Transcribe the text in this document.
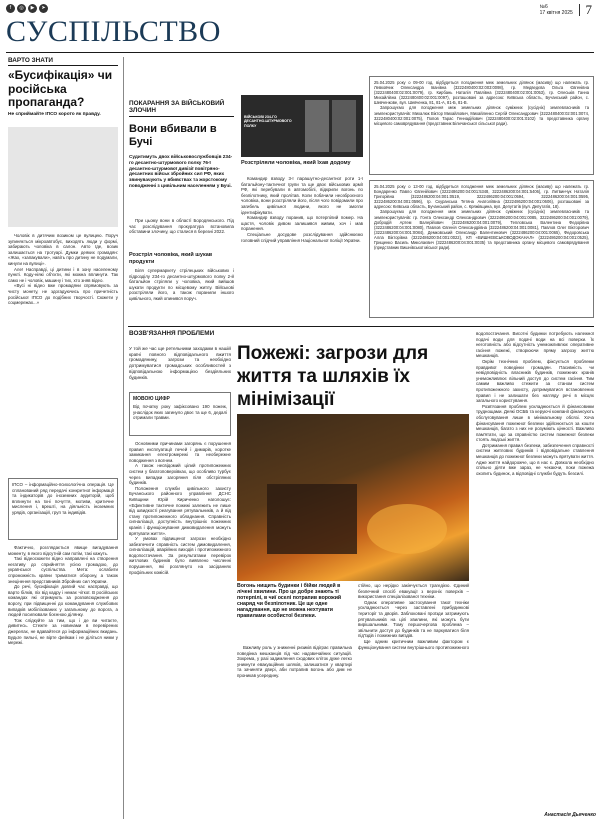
f	◎	▶	➤	№6
17 квітня 2025 7
СУСПІЛЬСТВО
ВАРТО ЗНАТИ
«Бусифікація» чи російська пропаганда?
Не сприймайте ІПСО корото як правду.

Чоловік в дитячим возиком це вулицею. Поруч зупиняється мікроавтобус, виходять люди у формі, забирають чоловіка в салон. Авто їде, возик залишається на тротуарі. Думки деяких громадян: «Жах, «запакували», навіть про дитину не подумали, кинули на вулиці».

Але! Насправді, ці дитини і в зону населеному пункті. Коду-ніякі об'єкти, які можна вплинути. Так само не і чоловік, машину і тих, хто зняв відео.

«Вусі ні відео вже промадяни спрямовують за чисту монету, не здогадуючись про причетність російської ІПСО до подібних творчості. Сюжети у соцмережах...»

ІПСО – інформаційно-психологічна операція. Це спланований ряд передачі конкретної інформації та індикаторів до іноземних аудиторій, щоб вплинути на їхні почуття, мотиви, критичне мислення і, врешті, на діяльність іноземних урядів, організацій, груп та індивідів.

Фактично, розглядається явище вигадування моменту, в якого відсутній сам потім, такі кажуть.

Такі відеосюжети відео направлені на створення негативу до сприйняття усією громадою, до української суспільства. Мета: ослабити спроможність країни триматися оборону, а також знецінення представників Збройних сил України.

До речі, бусифікація довгий час насправді, що варто білків, піх від кадру і немає чіткої. В російських командах які отримують за розповсюдження до ворогу, при підвищенні до командування службових випадків мобілізованих у загальному до ворога, а людей посилювали боєнною ділянку.

Тож слідкуйте за тим, що і де ви читаєте, дивитесь. Стежте за новинами в перевірених джерелах, не вдавайтеся до інформаційних вкидань. Будьте пильні, не вірте фейкам і не діліться ними у мережі.

ПОКАРАННЯ ЗА ВІЙСЬКОВИЙ ЗЛОЧИН
Вони вбивали в Бучі
Судитимуть двох військовослужбовців 234-го десантно-штурмового полку 76-ї десантно-штурмової дивізії повітряно-десантних військ збройних сил РФ, яких звинувачують у вбивствах та жорстокому поводженні з цивільним населенням у Бучі.
При цьому вони в області Бородянського. Під час розслідування прокуратура встановила обставини злочину, що сталися в березні 2022.
Розстріл чоловіка, який шукав продукти
Біля супермаркету стрілецьких військових і підрозділу 234-го десантно-штурмового полку 2-й батальйон стріляли у чоловіка, який вийшов шукати продукти по місцевому житлу. Військові розстріляли його, а також поранили іншого цивільного, який опинився поруч.
ВІЙСЬКОВІ 234-ГО ДЕСАНТНО-ШТУРМОВОГО ПОЛКУ
Розстріляли чоловіка, який їхав додому

Командир взводу 3-ї парашутно-десантної роти 1-ї батальйону-тактичної групи та ще двоє військових армії РФ, які перебували в автомобілі, відкрили вогонь по безпілотнику, який пролітав. Коли побачили неозброєного чоловіка, вони розстріляли його, після чого повідомили про загибель цивільної людини, якого не змогли ідентифікувати.

Командир взводу поранив, що потерпілий помер. На щастя, чоловік дивом залишився живим, хоч і мав поранення.

Спеціальне досудове розслідування здійснюємо головний слідчий управління Національної поліції України.

25.04.2025 року о 09-00 год. відбудеться погодження меж земельних ділянок (масиву) що належать гр. Левковчик Олександра Іванівна (3222480400:02:003:0098), гр. Медведєва Ольга Євгенівна (3222480400:02:001:0079), гр. Кирбань Наталія Павлівна (3222480400:02:001:0053), гр. Олеськів Ганна Михайлівна (3222480400:02:001:0097), розташовані за адресою: Київська область, Бучанський район, с. Шевченкове, вул. Шевченка, 81, 81-А, 81-Б, 81-В.

Запрошуємо для погодження меж земельних ділянок суміжних (сусідніх) землевласників та землекористувачів: Михалюк Віктор Михайлович, Михайленко Сергій Олександрович (3222480400:02:001:0074, 3222480400:02:001:0075), Попов Тарас Геннадійович (3222480400:02:001:0102) та представника органу місцевого самоврядування (представник Біличанської сільської ради).

25.04.2025 року о 13-00 год. відбудеться погодження меж земельних ділянок (масиву) що належать гр. Бондаренко Павло Євгенійович (3222486200:04:001:5348, 3222486200:04:001:5406), гр. Литвинчук Наталія Григорівна (3222486200:04:001:0519, 3222486200:04:001:0594, 3222486200:04:001:0595, 3222486200:04:001:0596), гр. Скуранська Тетяна Анатоліївна (3222486200:04:001:0606), розташовані за адресою: Київська область, Бучанський район, с. Кряжівщина, вул. Депутатів (вул. Депутатів, 18).

Запрошуємо для погодження меж земельних ділянок суміжних (сусідніх) землевласників та землекористувачів: гр. Гонта Олександр Олександрович (3222486200:04:001:0085, 3222486200:04:001:0079), Добродій Артем Валерійович (3222486200:04:001:0079), Тепловська Валентина Федорівна (3222486200:04:001:0080), Павлов Євгенія Олександрівна (3222486200:04:001:0081), Павлов Олег Вікторович (3222486200:04:001:0084), Демковський Олександр Валентинович (3222486200:04:001:0065), Федоровська Алла Вікторівна (3222486200:04:001:0022), КП «ВИШНЕВСЬКОВОДОКАНАЛ» (3222486200:04:001:0525), Грищенко Василь Миколаєвич (3222486200:04:001:0035) та представника органу місцевого самоврядування (представник Вишнівської міської ради).

ВОЗВ'ЯЗАННЯ ПРОБЛЕМИ
У той же час ще ретельними заходами в нашій країні повного відповідального вжиття громадянину, загрози та необхідно дотримуватися громадських особливостей з відповідальною інформацією бездіяльних будинків.
МОВОЮ ЦИФР
Від початку року зафіксовано 190 пожеж, унаслідок яких загинуло двоє та ще 6, дедалі отримали травми.

Основними причинами загорянь є порушення правил експлуатації печей і димарів, коротке замикання електромережі та необережне поводження з вогнем.

А також несвідомий цілий протипожежних систем у багатоповерхівках, що особливо турбує через випадки загоряння піля обстріляних будинків.

Положення служби цивільного захисту Бучанського районного управління ДСНС Київщини Юрій Кириченко наголошує: «Ефективне тактичне пожежі залежить не лише від швидкості реагування рятувальників, а й від стану протипожежного обладнання. Справність сигналізації, доступність внутрішніх пожежних кранів і функціонування димовидалення можуть врятувати життя».

У умовах підвищеної загрози необхідно забезпечити справність систем димовидалення, сигналізацій, аварійних виходів і протипожежного водопостачання. За результатами перевірок житлових будинків було виявлено численні порушення, які розглянуто на засіданнях профільних комісій.

Пожежі: загрози для життя та шляхів їх мінімізації
Вогонь нищить будинки і бійки людей в лічені хвилини. Про це добре знають ті потерпілі, в чиї оселі потрапив ворожий снаряд чи безпілотник. Це ще одне нагадування, що не можна нехтувати правилами особистої безпеки.
Важливу роль у зниженні ризиків відіграє правильна поведінка мешканців під час надзвичайних ситуацій. Зокрема, у разі задимлення сходових кліток дуже легко уникнути евакуаційних шляхів, залишатися у квартирі та зачиняти двері, аби потрапив вогонь або дим не проникав усередину.

стійно, що нерідко закінчується трагедією. Єдиний безпечний спосіб евакуації з верхніх поверхів – використання спеціалізованої техніки.

Однак оперативне застосування такої техніки ускладнюється через заставлені прибудинкові території та дворів. Заблоковані проїзди затримують рятувальників на цілі хвилини, які можуть бути вирішальними. Тому першочергова проблема – звільнити доступ до будинків та не паркуватися біля під'їздів і пожежних виїздів.

Ще одним критичним важливим фактором є функціонування систем внутрішнього протипожежного

водопостачання. Висотні будинки потребують належної подачі води для подачі води на всі поверхи. Їх неготовність або відсутність унеможливлює оперативне гасіння пожежі, створюючи пряму загрозу життю мешканців.

Окрім технічних проблем, фіксується проблеми правдивої поведінки громадян. Пасивність чи невідповідність власників будинків, пожежних кранів унеможливлює вільний доступ до систем гасіння. Тим самим важливо стежити за станом систем протипожежного захисту, дотримуватися встановлених правил і не залишати без нагляду речі в місцях загального користування.

Розв'язання проблем ускладнюється й фінансовими труднощами. Деякі ОСББ та керуючі компанії фінансують обслуговування лише в мінімальному обсязі. Хоча фінансування пожежної безпеки здійснюється за кошти мешканців, багато з них не розуміють цінності. Важливо пам'ятати, що за справністю систем пожежної безпеки стоять людські життя.

Дотримання правил безпеки, забезпечення справності систем житлових будинків і відповідальне ставлення мешканців до пожежної безпеки можуть врятувати життя. Адже життя найдорожче, що в нас є. Довкола необхідно спільно діяти вже зараз, не чекаючи, поки пожежа охопить будинок, а відповідні служби будуть безсилі.

Анастасія Дьяченко
